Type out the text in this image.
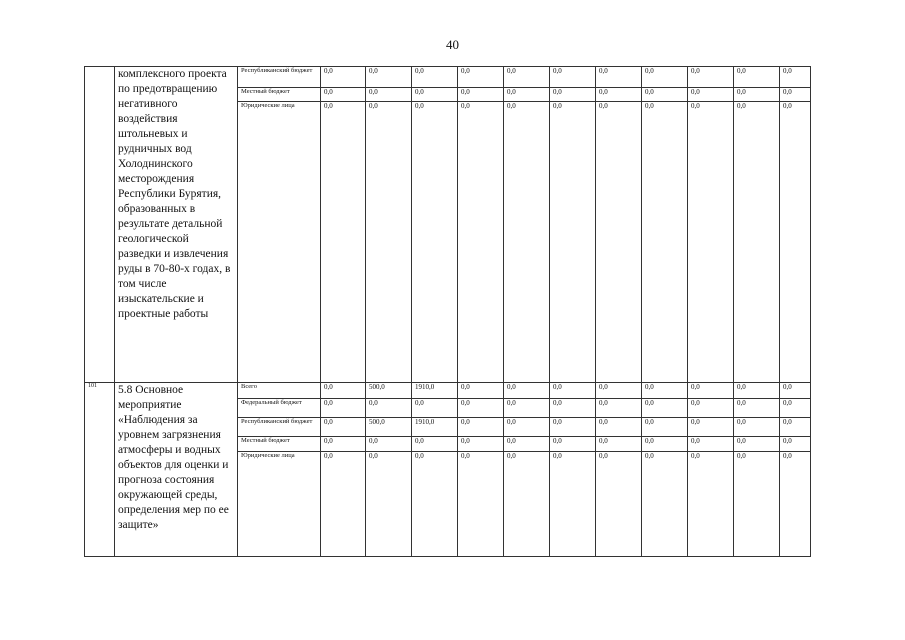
40
	комплексного проекта по предотвращению негативного воздействия штольневых и рудничных вод Холоднинского месторождения Республики Бурятия, образованных в результате детальной геологической разведки и извлечения руды в 70-80-х годах, в том числе изыскательские и проектные работы	Республиканский бюджет	0,0	0,0	0,0	0,0	0,0	0,0	0,0	0,0	0,0	0,0	0,0
		Местный бюджет	0,0	0,0	0,0	0,0	0,0	0,0	0,0	0,0	0,0	0,0	0,0
		Юридические лица	0,0	0,0	0,0	0,0	0,0	0,0	0,0	0,0	0,0	0,0	0,0
101	5.8 Основное мероприятие «Наблюдения за уровнем загрязнения атмосферы и водных объектов для оценки и прогноза состояния окружающей среды, определения мер по ее защите»	Всего	0,0	500,0	1910,0	0,0	0,0	0,0	0,0	0,0	0,0	0,0	0,0
		Федеральный бюджет	0,0	0,0	0,0	0,0	0,0	0,0	0,0	0,0	0,0	0,0	0,0
		Республиканский бюджет	0,0	500,0	1910,0	0,0	0,0	0,0	0,0	0,0	0,0	0,0	0,0
		Местный бюджет	0,0	0,0	0,0	0,0	0,0	0,0	0,0	0,0	0,0	0,0	0,0
		Юридические лица	0,0	0,0	0,0	0,0	0,0	0,0	0,0	0,0	0,0	0,0	0,0
